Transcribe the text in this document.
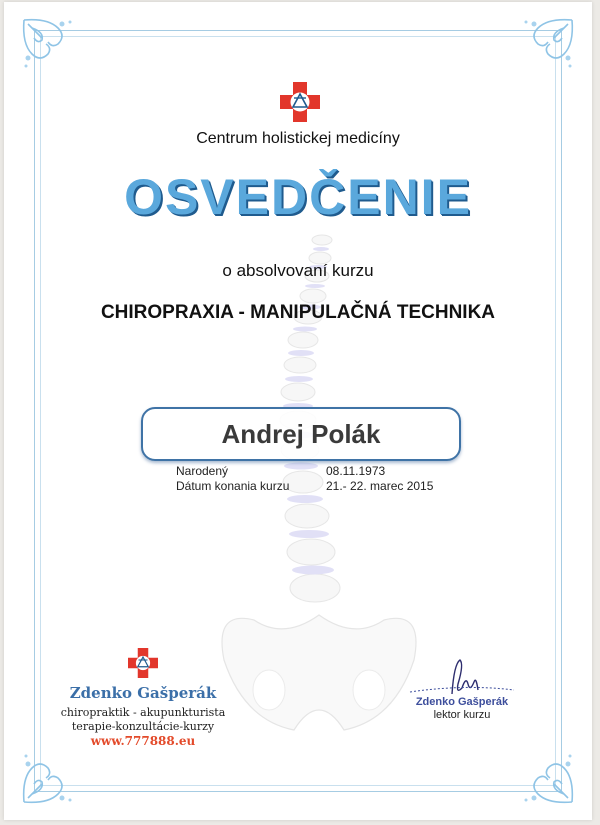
Centrum holistickej medicíny
OSVEDČENIE
o absolvovaní kurzu
CHIROPRAXIA - MANIPULAČNÁ TECHNIKA
Andrej Polák
Narodený	08.11.1973
Dátum konania kurzu	21.- 22. marec 2015
Zdenko Gašperák
chiropraktik - akupunkturista
terapie-konzultácie-kurzy
www.777888.eu
Zdenko Gašperák
lektor kurzu
